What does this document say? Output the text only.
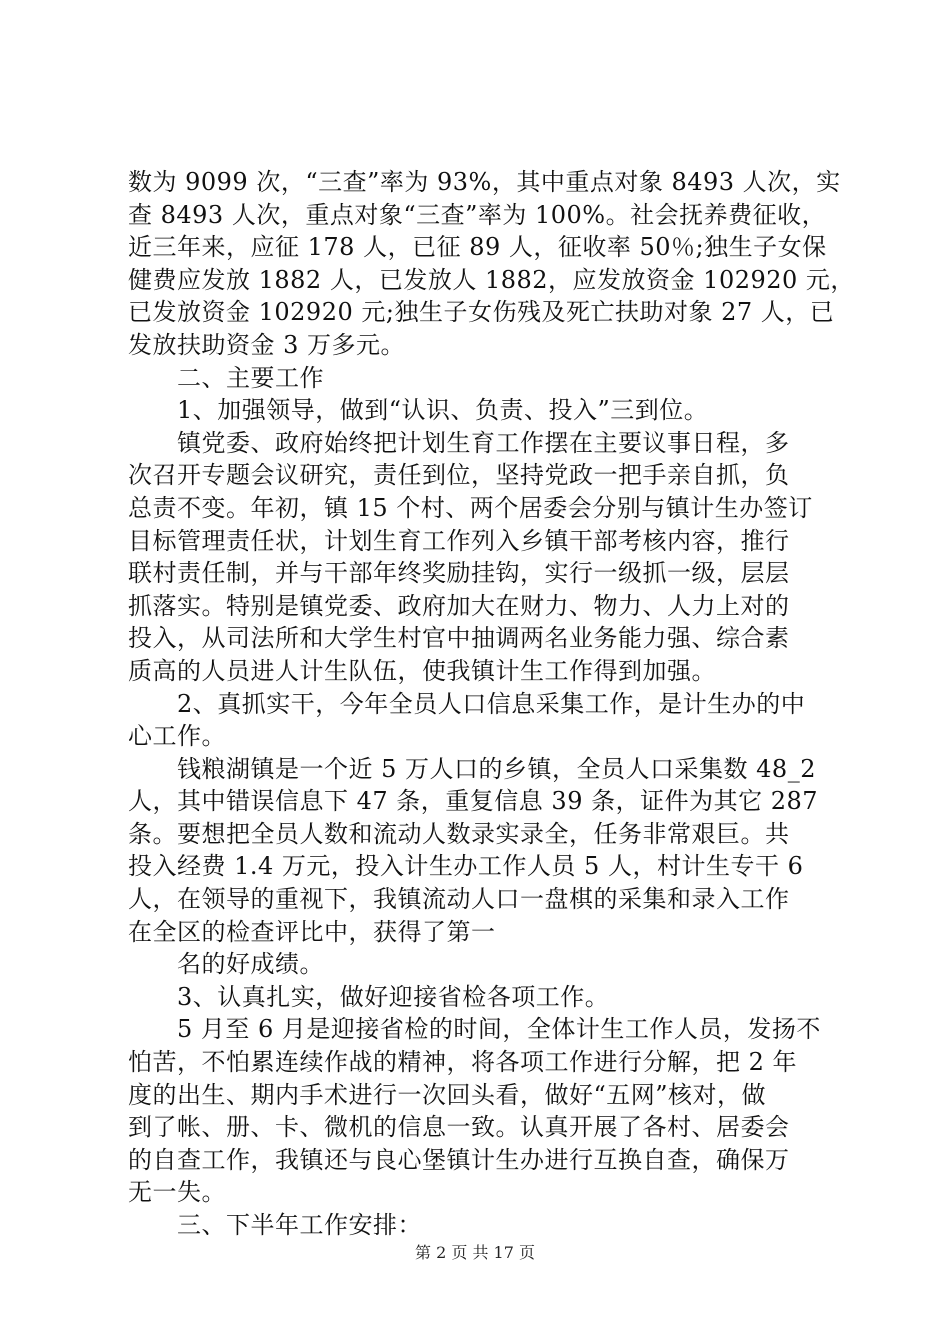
数为 9099 次，“三查”率为 93%，其中重点对象 8493 人次，实
查 8493 人次，重点对象“三查”率为 100%。社会抚养费征收，
近三年来，应征 178 人，已征 89 人，征收率 50％;独生子女保
健费应发放 1882 人，已发放人 1882，应发放资金 102920 元，
已发放资金 102920 元;独生子女伤残及死亡扶助对象 27 人，已
发放扶助资金 3 万多元。
　　二、主要工作
　　1、加强领导，做到“认识、负责、投入”三到位。
　　镇党委、政府始终把计划生育工作摆在主要议事日程，多
次召开专题会议研究，责任到位，坚持党政一把手亲自抓，负
总责不变。年初，镇 15 个村、两个居委会分别与镇计生办签订
目标管理责任状，计划生育工作列入乡镇干部考核内容，推行
联村责任制，并与干部年终奖励挂钩，实行一级抓一级，层层
抓落实。特别是镇党委、政府加大在财力、物力、人力上对的
投入，从司法所和大学生村官中抽调两名业务能力强、综合素
质高的人员进人计生队伍，使我镇计生工作得到加强。
　　2、真抓实干，今年全员人口信息采集工作，是计生办的中
心工作。
　　钱粮湖镇是一个近 5 万人口的乡镇，全员人口采集数 48_2
人，其中错误信息下 47 条，重复信息 39 条，证件为其它 287
条。要想把全员人数和流动人数录实录全，任务非常艰巨。共
投入经费 1.4 万元，投入计生办工作人员 5 人，村计生专干 6
人，在领导的重视下，我镇流动人口一盘棋的采集和录入工作
在全区的检查评比中，获得了第一
　　名的好成绩。
　　3、认真扎实，做好迎接省检各项工作。
　　5 月至 6 月是迎接省检的时间，全体计生工作人员，发扬不
怕苦，不怕累连续作战的精神，将各项工作进行分解，把 2 年
度的出生、期内手术进行一次回头看，做好“五网”核对，做
到了帐、册、卡、微机的信息一致。认真开展了各村、居委会
的自查工作，我镇还与良心堡镇计生办进行互换自查，确保万
无一失。
　　三、下半年工作安排：
第 2 页 共 17 页
